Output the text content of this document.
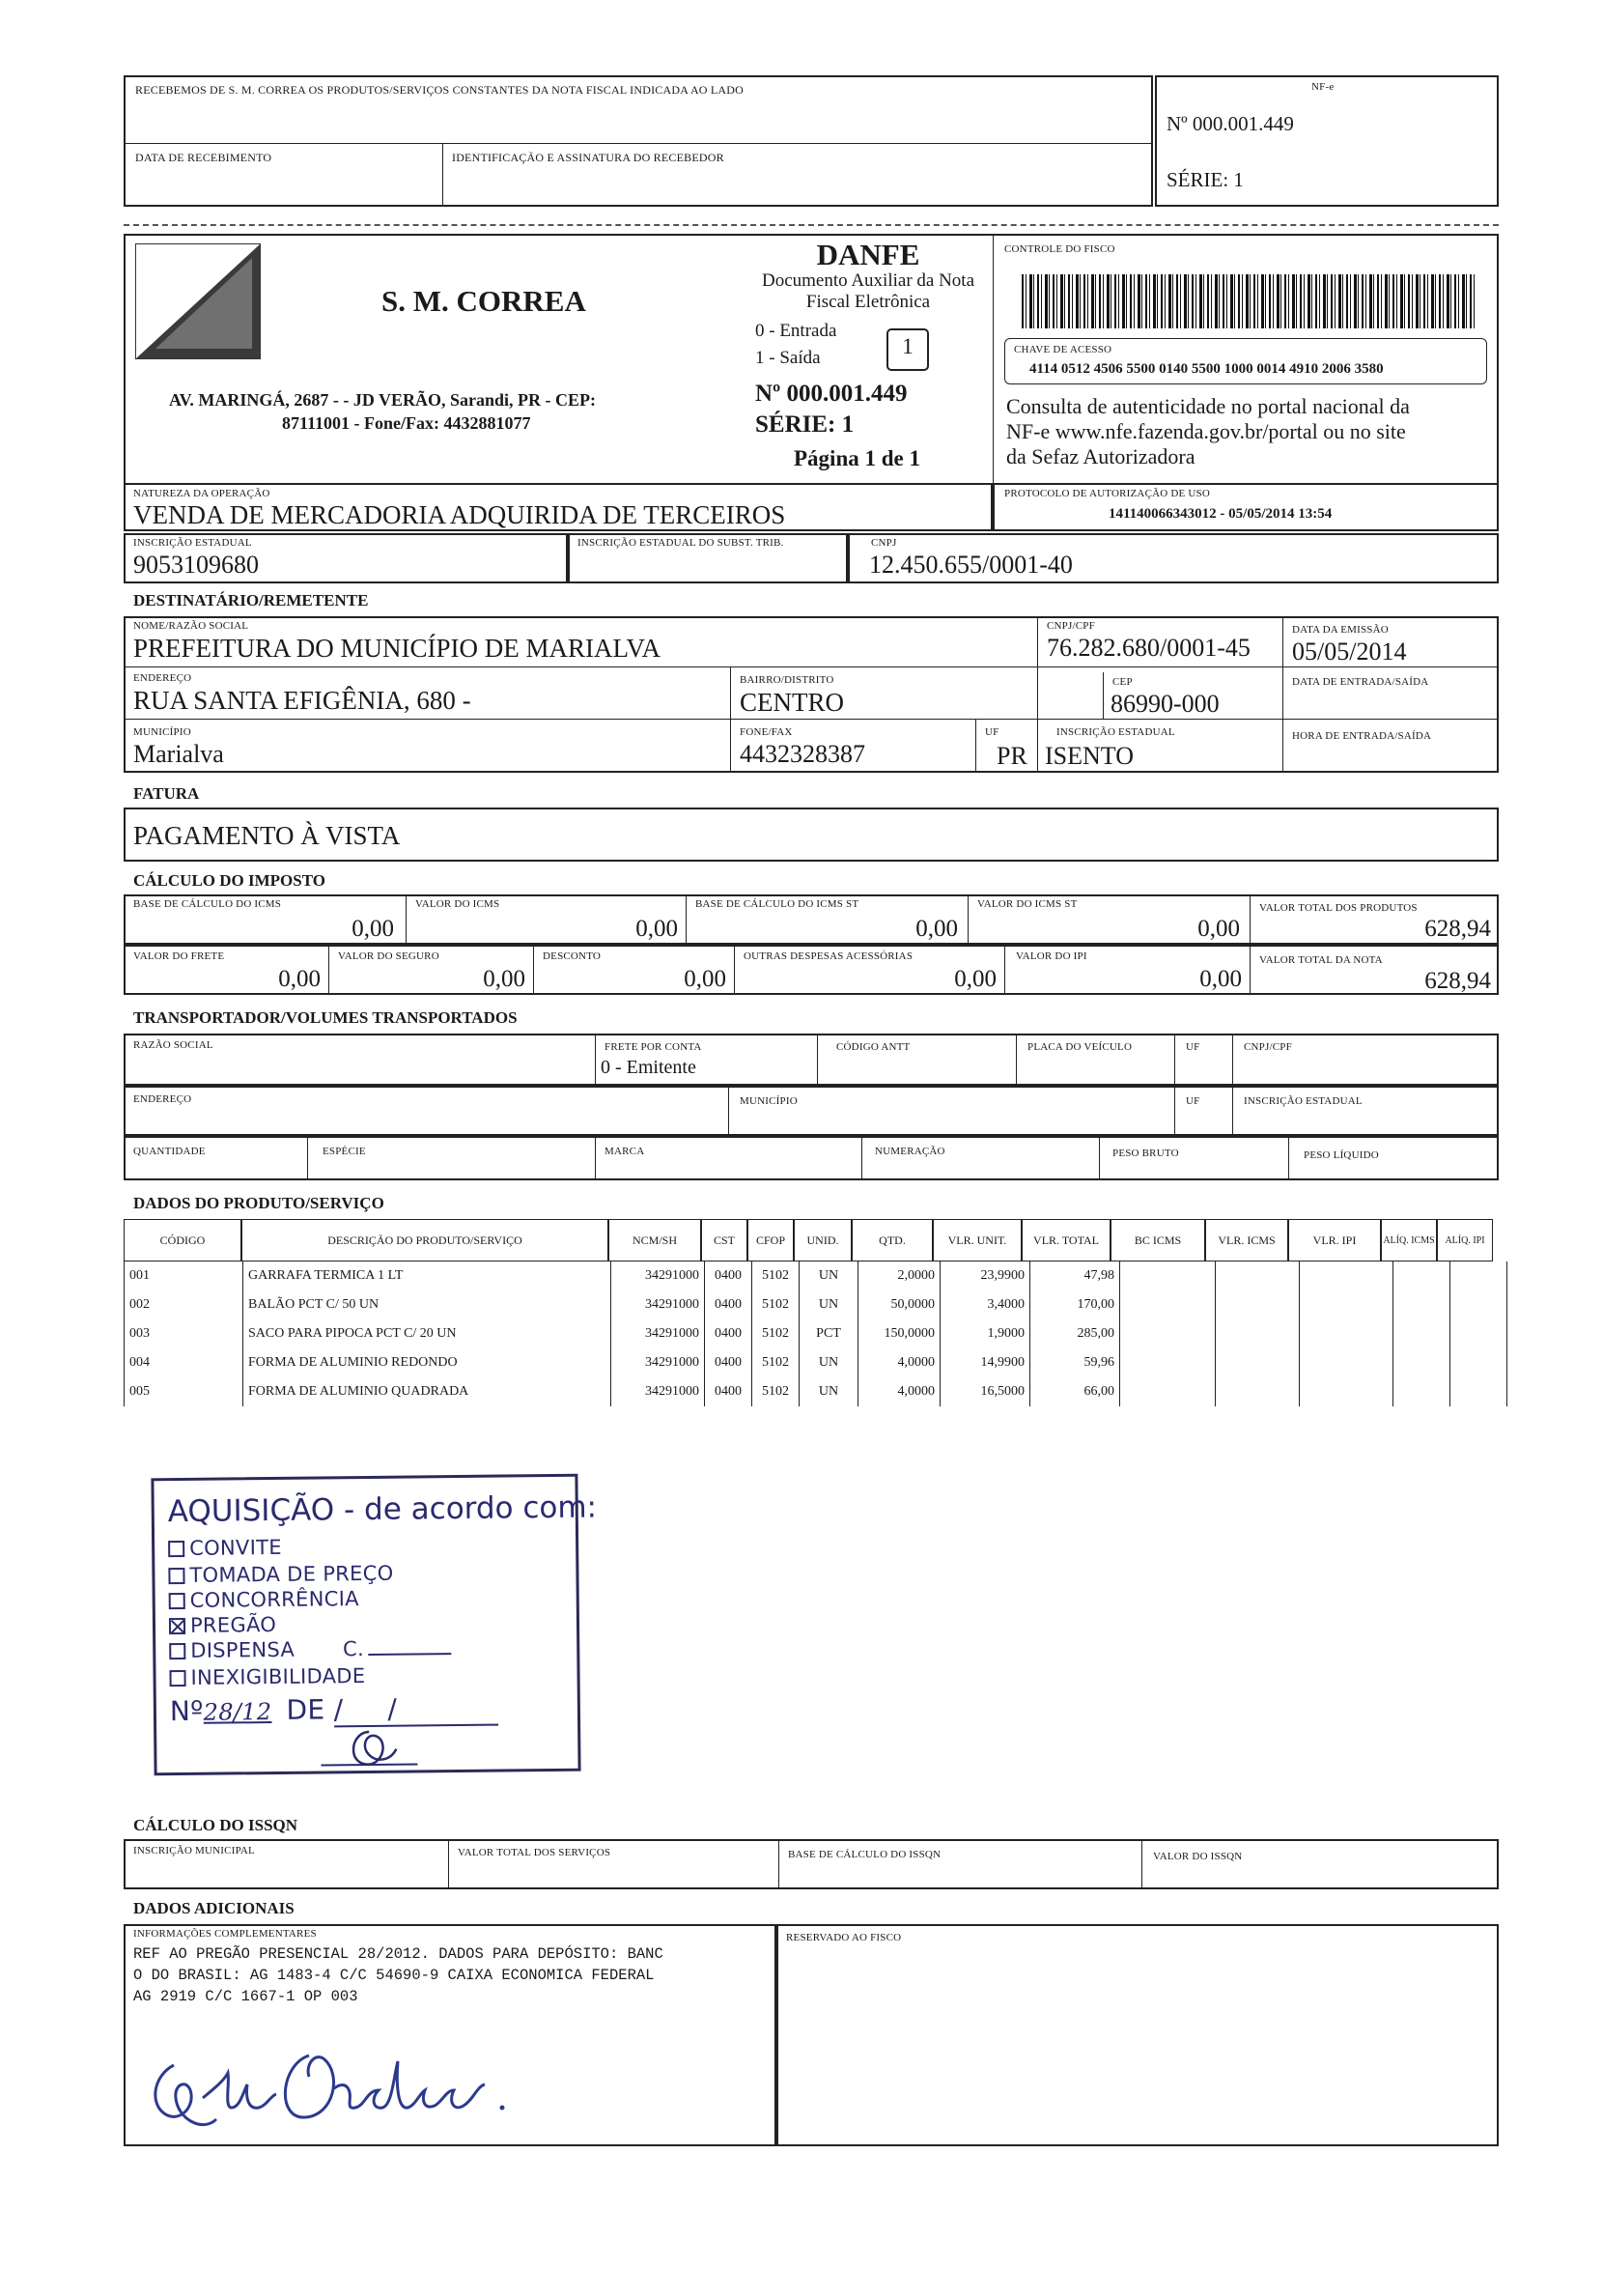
RECEBEMOS DE S. M. CORREA OS PRODUTOS/SERVIÇOS CONSTANTES DA NOTA FISCAL INDICADA AO LADO
DATA DE RECEBIMENTO	IDENTIFICAÇÃO E ASSINATURA DO RECEBEDOR
NF-e
Nº 000.001.449
SÉRIE: 1
S. M. CORREA
AV. MARINGÁ, 2687 - - JD VERÃO, Sarandi, PR - CEP:
87111001 - Fone/Fax: 4432881077
DANFE
Documento Auxiliar da Nota
Fiscal Eletrônica
0 - Entrada
1 - Saída	1
Nº 000.001.449
SÉRIE: 1
Página 1 de 1
CONTROLE DO FISCO
CHAVE DE ACESSO
4114 0512 4506 5500 0140 5500 1000 0014 4910 2006 3580
Consulta de autenticidade no portal nacional da
NF-e www.nfe.fazenda.gov.br/portal ou no site
da Sefaz Autorizadora
NATUREZA DA OPERAÇÃO
VENDA DE MERCADORIA ADQUIRIDA DE TERCEIROS
PROTOCOLO DE AUTORIZAÇÃO DE USO
141140066343012 - 05/05/2014 13:54
INSCRIÇÃO ESTADUAL
9053109680
INSCRIÇÃO ESTADUAL DO SUBST. TRIB.	CNPJ
12.450.655/0001-40
DESTINATÁRIO/REMETENTE
NOME/RAZÃO SOCIAL
PREFEITURA DO MUNICÍPIO DE MARIALVA
CNPJ/CPF
76.282.680/0001-45
DATA DA EMISSÃO
05/05/2014
ENDEREÇO
RUA SANTA EFIGÊNIA, 680 -
BAIRRO/DISTRITO
CENTRO
CEP
86990-000
DATA DE ENTRADA/SAÍDA
MUNICÍPIO
Marialva
FONE/FAX
4432328387
UF
PR
INSCRIÇÃO ESTADUAL
ISENTO
HORA DE ENTRADA/SAÍDA
FATURA
PAGAMENTO À VISTA
CÁLCULO DO IMPOSTO
BASE DE CÁLCULO DO ICMS
0,00
VALOR DO ICMS
0,00
BASE DE CÁLCULO DO ICMS ST
0,00
VALOR DO ICMS ST
0,00
VALOR TOTAL DOS PRODUTOS
628,94
VALOR DO FRETE
0,00
VALOR DO SEGURO
0,00
DESCONTO
0,00
OUTRAS DESPESAS ACESSÓRIAS
0,00
VALOR DO IPI
0,00
VALOR TOTAL DA NOTA
628,94
TRANSPORTADOR/VOLUMES TRANSPORTADOS
RAZÃO SOCIAL	FRETE POR CONTA
0 - Emitente
CÓDIGO ANTT	PLACA DO VEÍCULO	UF	CNPJ/CPF
ENDEREÇO	MUNICÍPIO	UF	INSCRIÇÃO ESTADUAL
QUANTIDADE	ESPÉCIE	MARCA	NUMERAÇÃO	PESO BRUTO	PESO LÍQUIDO
DADOS DO PRODUTO/SERVIÇO
CÓDIGO	DESCRIÇÃO DO PRODUTO/SERVIÇO	NCM/SH	CST	CFOP	UNID.	QTD.	VLR. UNIT.	VLR. TOTAL	BC ICMS	VLR. ICMS	VLR. IPI	ALÍQ. ICMS	ALÍQ. IPI
001	GARRAFA TERMICA 1 LT	34291000	0400	5102	UN	2,0000	23,9900	47,98					
002	BALÃO PCT C/ 50 UN	34291000	0400	5102	UN	50,0000	3,4000	170,00					
003	SACO PARA PIPOCA PCT C/ 20 UN	34291000	0400	5102	PCT	150,0000	1,9000	285,00					
004	FORMA DE ALUMINIO REDONDO	34291000	0400	5102	UN	4,0000	14,9900	59,96					
005	FORMA DE ALUMINIO QUADRADA	34291000	0400	5102	UN	4,0000	16,5000	66,00					
AQUISIÇÃO - de acordo com:
CONVITE
TOMADA DE PREÇO
CONCORRÊNCIA
PREGÃO
DISPENSA C.
INEXIGIBILIDADE
Nº28/12 DE /     /
CÁLCULO DO ISSQN
INSCRIÇÃO MUNICIPAL	VALOR TOTAL DOS SERVIÇOS	BASE DE CÁLCULO DO ISSQN	VALOR DO ISSQN
DADOS ADICIONAIS
INFORMAÇÕES COMPLEMENTARES
REF AO PREGÃO PRESENCIAL 28/2012. DADOS PARA DEPÓSITO: BANC
O DO BRASIL: AG 1483-4 C/C 54690-9 CAIXA ECONOMICA FEDERAL
AG 2919 C/C 1667-1 OP 003
RESERVADO AO FISCO
